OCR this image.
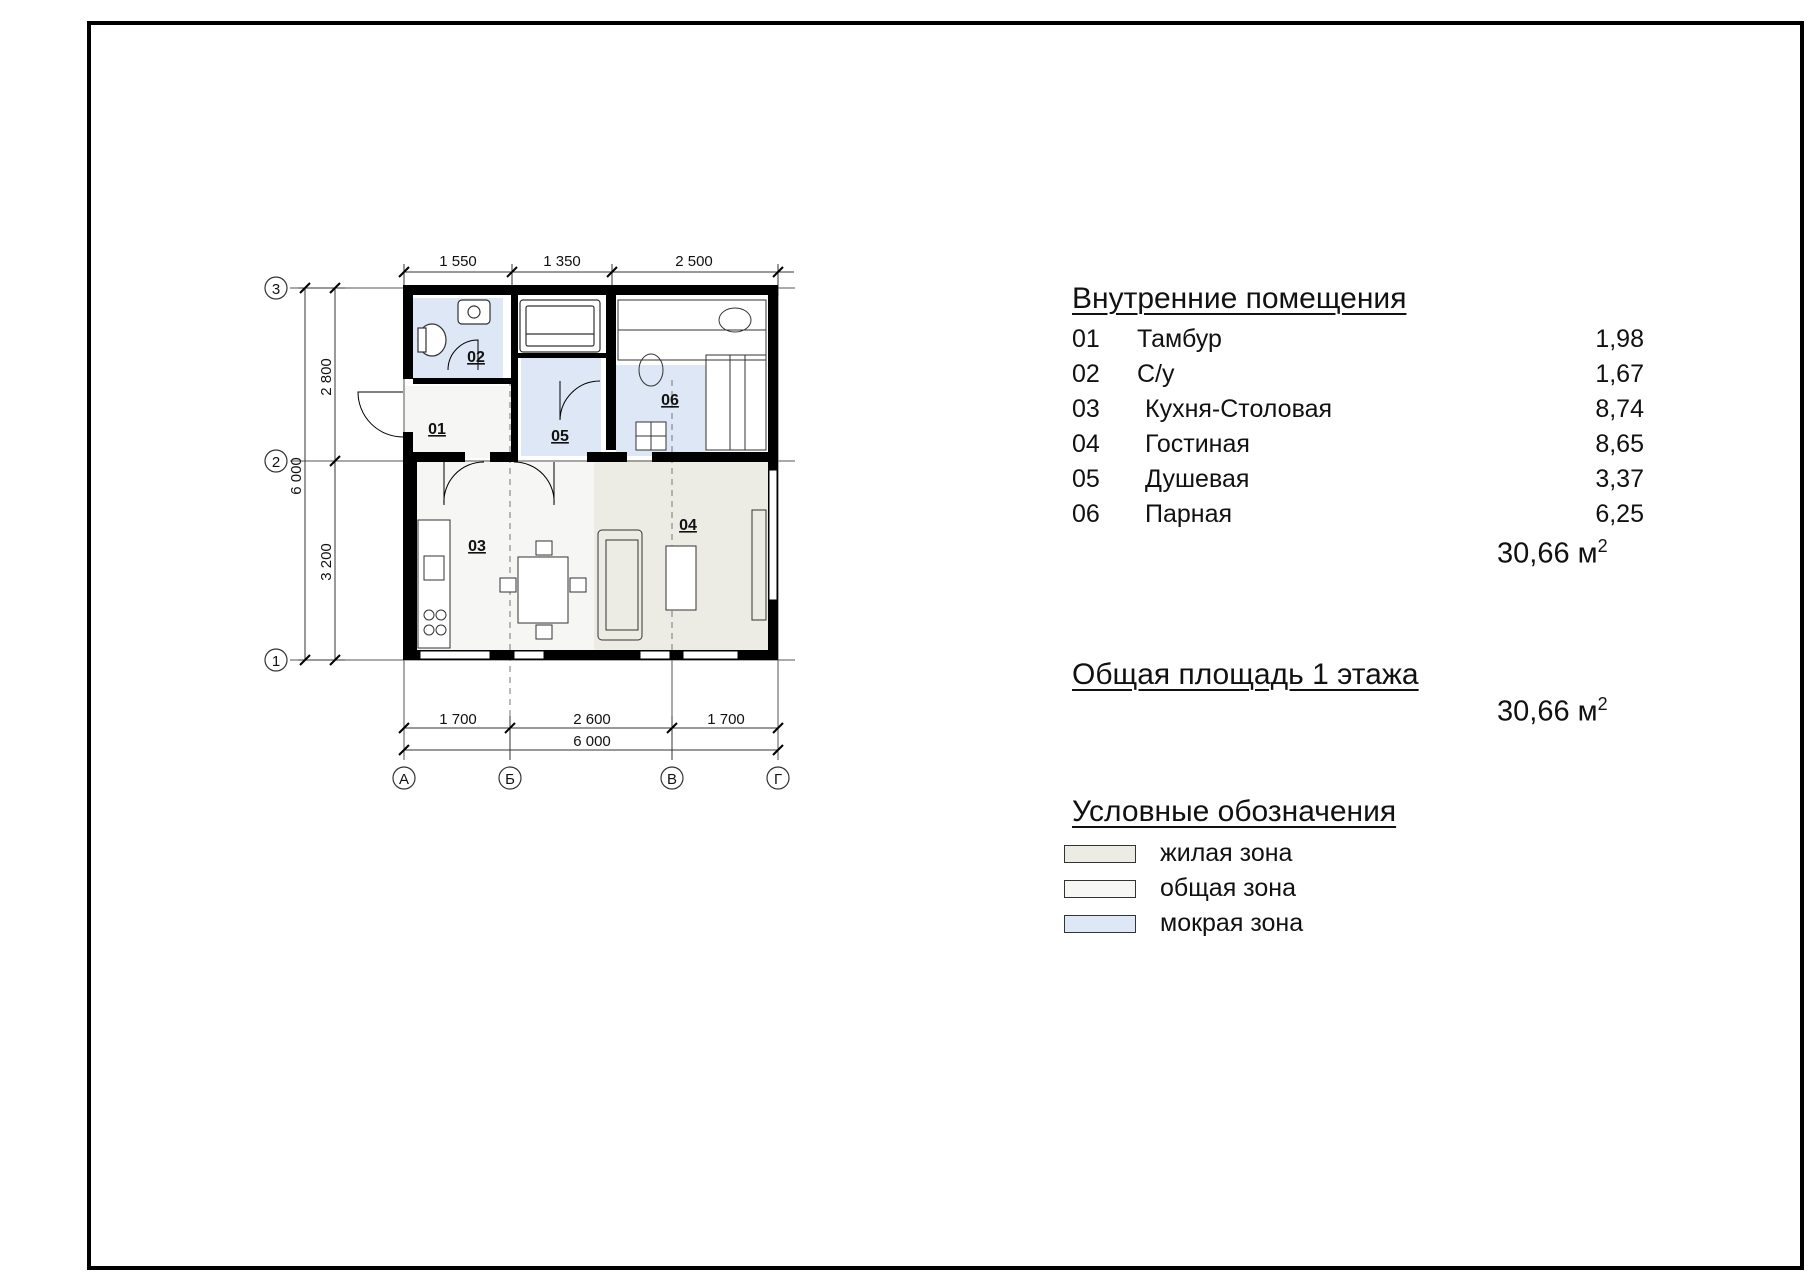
1 550	1 350	2 500
1 700	2 600	1 700
6 000
2 800
3 200
6 000
3
2
1
А	Б	В	Г
01
02
03
04
05
06
Внутренние помещения
01 Тамбур	1,98
02 С/у	1,67
03 Кухня-Столовая	8,74
04 Гостиная	8,65
05 Душевая	3,37
06 Парная	6,25
30,66 $м^2$
Общая площадь 1 этажа
30,66 $м^2$
Условные обозначения
жилая зона
общая зона
мокрая зона
